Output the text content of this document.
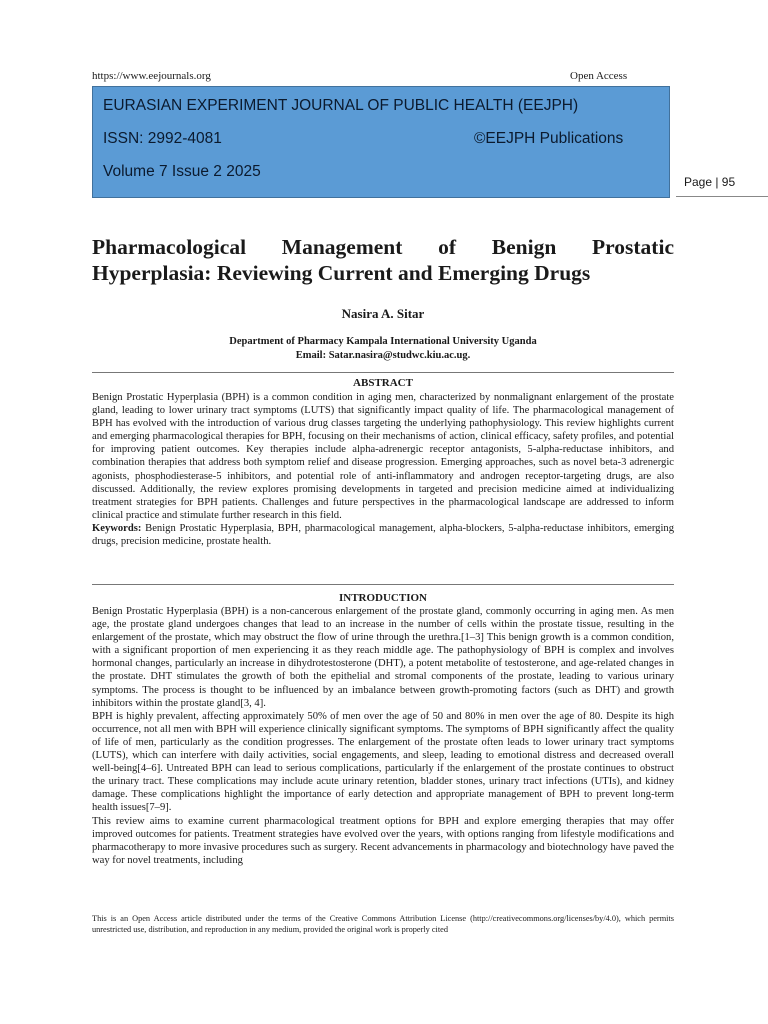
https://www.eejournals.org	Open Access
EURASIAN EXPERIMENT JOURNAL OF PUBLIC HEALTH (EEJPH)
ISSN: 2992-4081	©EEJPH Publications
Volume 7 Issue 2 2025
Page | 95
Pharmacological Management of Benign Prostatic Hyperplasia: Reviewing Current and Emerging Drugs
Nasira A. Sitar
Department of Pharmacy Kampala International University Uganda
Email: Satar.nasira@studwc.kiu.ac.ug.
ABSTRACT

Benign Prostatic Hyperplasia (BPH) is a common condition in aging men, characterized by nonmalignant enlargement of the prostate gland, leading to lower urinary tract symptoms (LUTS) that significantly impact quality of life. The pharmacological management of BPH has evolved with the introduction of various drug classes targeting the underlying pathophysiology. This review highlights current and emerging pharmacological therapies for BPH, focusing on their mechanisms of action, clinical efficacy, safety profiles, and potential for improving patient outcomes. Key therapies include alpha-adrenergic receptor antagonists, 5-alpha-reductase inhibitors, and combination therapies that address both symptom relief and disease progression. Emerging approaches, such as novel beta-3 adrenergic agonists, phosphodiesterase-5 inhibitors, and potential role of anti-inflammatory and androgen receptor-targeting drugs, are also discussed. Additionally, the review explores promising developments in targeted and precision medicine aimed at individualizing treatment strategies for BPH patients. Challenges and future perspectives in the pharmacological landscape are addressed to inform clinical practice and stimulate further research in this field.

Keywords: Benign Prostatic Hyperplasia, BPH, pharmacological management, alpha-blockers, 5-alpha-reductase inhibitors, emerging drugs, precision medicine, prostate health.

INTRODUCTION

Benign Prostatic Hyperplasia (BPH) is a non-cancerous enlargement of the prostate gland, commonly occurring in aging men. As men age, the prostate gland undergoes changes that lead to an increase in the number of cells within the prostate tissue, resulting in the enlargement of the prostate, which may obstruct the flow of urine through the urethra.[1–3] This benign growth is a common condition, with a significant proportion of men experiencing it as they reach middle age. The pathophysiology of BPH is complex and involves hormonal changes, particularly an increase in dihydrotestosterone (DHT), a potent metabolite of testosterone, and age-related changes in the prostate. DHT stimulates the growth of both the epithelial and stromal components of the prostate, leading to various urinary symptoms. The process is thought to be influenced by an imbalance between growth-promoting factors (such as DHT) and growth inhibitors within the prostate gland[3, 4].

BPH is highly prevalent, affecting approximately 50% of men over the age of 50 and 80% in men over the age of 80. Despite its high occurrence, not all men with BPH will experience clinically significant symptoms. The symptoms of BPH significantly affect the quality of life of men, particularly as the condition progresses. The enlargement of the prostate often leads to lower urinary tract symptoms (LUTS), which can interfere with daily activities, social engagements, and sleep, leading to emotional distress and decreased overall well-being[4–6]. Untreated BPH can lead to serious complications, particularly if the enlargement of the prostate continues to obstruct the urinary tract. These complications may include acute urinary retention, bladder stones, urinary tract infections (UTIs), and kidney damage. These complications highlight the importance of early detection and appropriate management of BPH to prevent long-term health issues[7–9].

This review aims to examine current pharmacological treatment options for BPH and explore emerging therapies that may offer improved outcomes for patients. Treatment strategies have evolved over the years, with options ranging from lifestyle modifications and pharmacotherapy to more invasive procedures such as surgery. Recent advancements in pharmacology and biotechnology have paved the way for novel treatments, including

This is an Open Access article distributed under the terms of the Creative Commons Attribution License (http://creativecommons.org/licenses/by/4.0), which permits unrestricted use, distribution, and reproduction in any medium, provided the original work is properly cited
